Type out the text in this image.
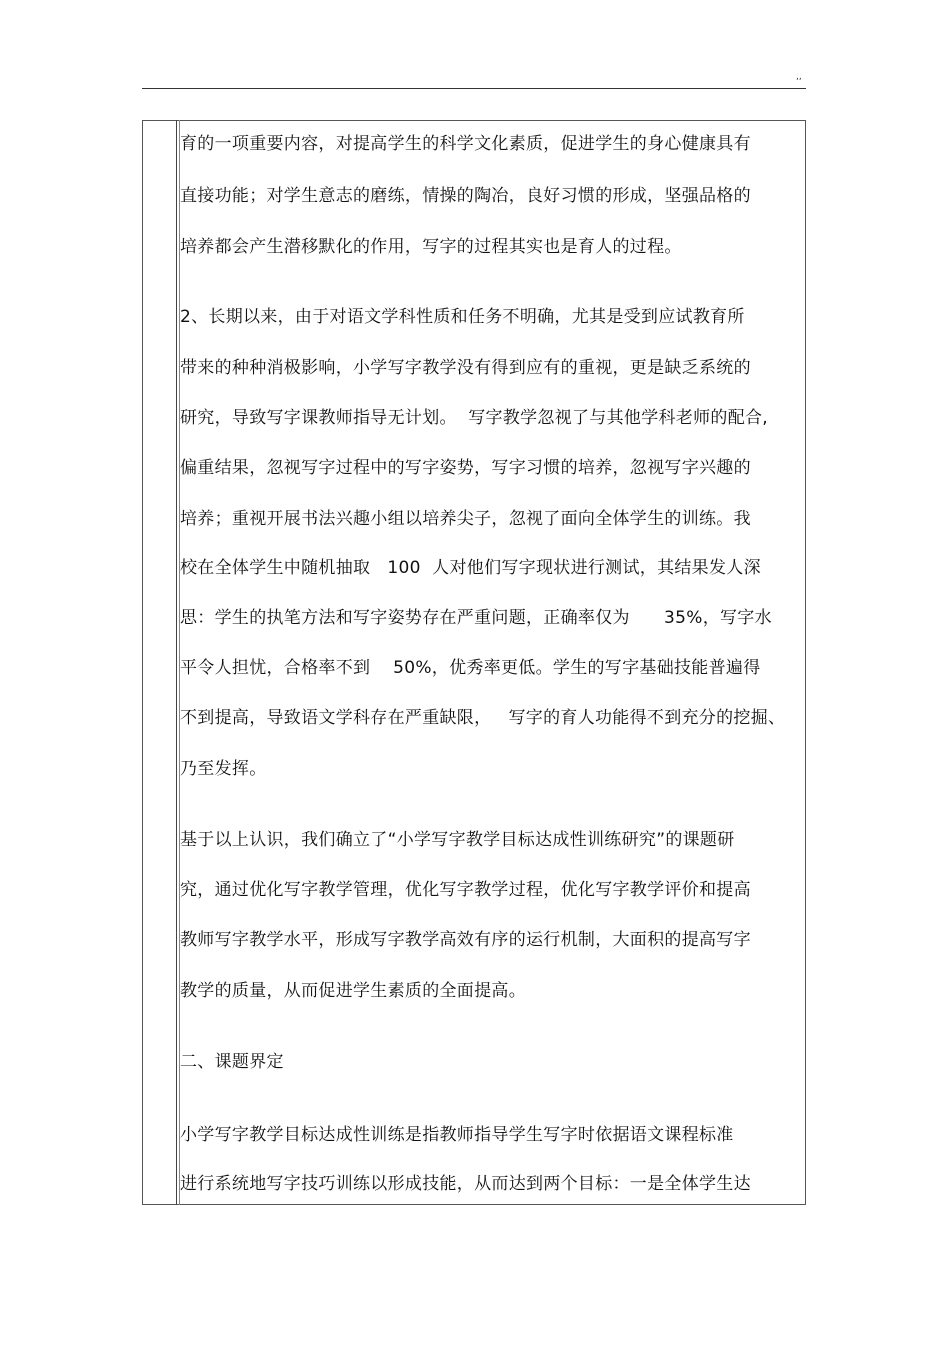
,,
育的一项重要内容，对提高学生的科学文化素质，促进学生的身心健康具有
直接功能；对学生意志的磨练，情操的陶冶，良好习惯的形成，坚强品格的
培养都会产生潜移默化的作用，写字的过程其实也是育人的过程。
2、长期以来，由于对语文学科性质和任务不明确，尤其是受到应试教育所
带来的种种消极影响，小学写字教学没有得到应有的重视，更是缺乏系统的
研究，导致写字课教师指导无计划。  写字教学忽视了与其他学科老师的配合,
偏重结果，忽视写字过程中的写字姿势，写字习惯的培养，忽视写字兴趣的
培养；重视开展书法兴趣小组以培养尖子，忽视了面向全体学生的训练。我
校在全体学生中随机抽取   100  人对他们写字现状进行测试，其结果发人深
思：学生的执笔方法和写字姿势存在严重问题，正确率仅为      35%，写字水
平令人担忧，合格率不到    50%，优秀率更低。学生的写字基础技能普遍得
不到提高，导致语文学科存在严重缺限，   写字的育人功能得不到充分的挖掘、
乃至发挥。
基于以上认识，我们确立了“小学写字教学目标达成性训练研究”的课题研
究，通过优化写字教学管理，优化写字教学过程，优化写字教学评价和提高
教师写字教学水平，形成写字教学高效有序的运行机制，大面积的提高写字
教学的质量，从而促进学生素质的全面提高。
二、课题界定
小学写字教学目标达成性训练是指教师指导学生写字时依据语文课程标准
进行系统地写字技巧训练以形成技能，从而达到两个目标：一是全体学生达
